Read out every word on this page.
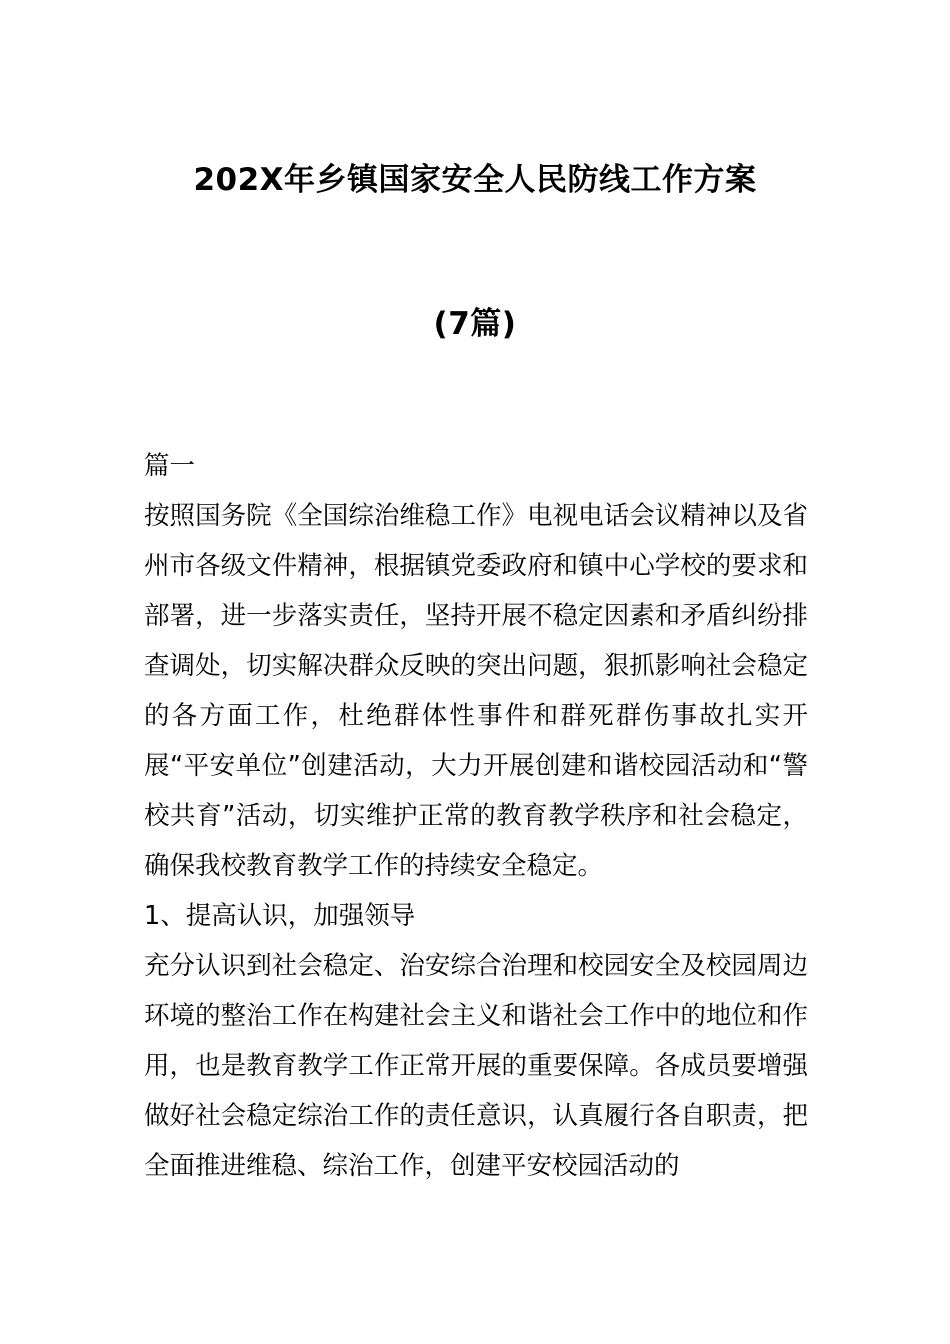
202X年乡镇国家安全人民防线工作方案
(7篇)

篇一

按照国务院《全国综治维稳工作》电视电话会议精神以及省州市各级文件精神，根据镇党委政府和镇中心学校的要求和部署，进一步落实责任，坚持开展不稳定因素和矛盾纠纷排查调处，切实解决群众反映的突出问题，狠抓影响社会稳定的各方面工作，杜绝群体性事件和群死群伤事故扎实开展“平安单位”创建活动，大力开展创建和谐校园活动和“警校共育”活动，切实维护正常的教育教学秩序和社会稳定，确保我校教育教学工作的持续安全稳定。

1、提高认识，加强领导

充分认识到社会稳定、治安综合治理和校园安全及校园周边环境的整治工作在构建社会主义和谐社会工作中的地位和作用，也是教育教学工作正常开展的重要保障。各成员要增强做好社会稳定综治工作的责任意识，认真履行各自职责，把全面推进维稳、综治工作，创建平安校园活动的
